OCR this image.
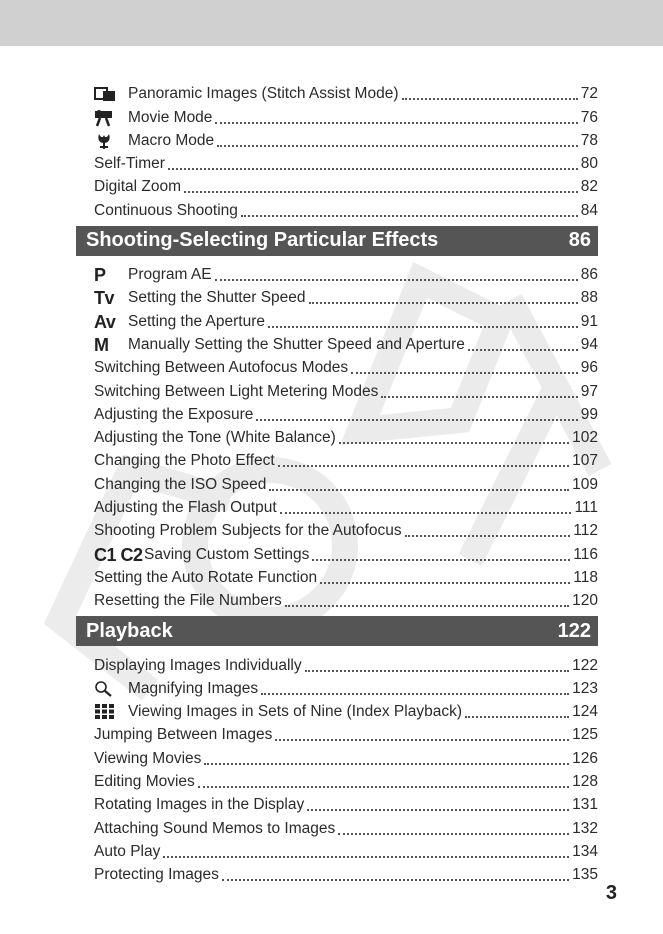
Panoramic Images (Stitch Assist Mode)	72
Movie Mode	76
Macro Mode	78
Self-Timer	80
Digital Zoom	82
Continuous Shooting	84
Shooting-Selecting Particular Effects	86
P Program AE	86
Tv Setting the Shutter Speed	88
Av Setting the Aperture	91
M Manually Setting the Shutter Speed and Aperture	94
Switching Between Autofocus Modes	96
Switching Between Light Metering Modes	97
Adjusting the Exposure	99
Adjusting the Tone (White Balance)	102
Changing the Photo Effect	107
Changing the ISO Speed	109
Adjusting the Flash Output	111
Shooting Problem Subjects for the Autofocus	112
C1 C2 Saving Custom Settings	116
Setting the Auto Rotate Function	118
Resetting the File Numbers	120
Playback	122
Displaying Images Individually	122
Magnifying Images	123
Viewing Images in Sets of Nine (Index Playback)	124
Jumping Between Images	125
Viewing Movies	126
Editing Movies	128
Rotating Images in the Display	131
Attaching Sound Memos to Images	132
Auto Play	134
Protecting Images	135
3
